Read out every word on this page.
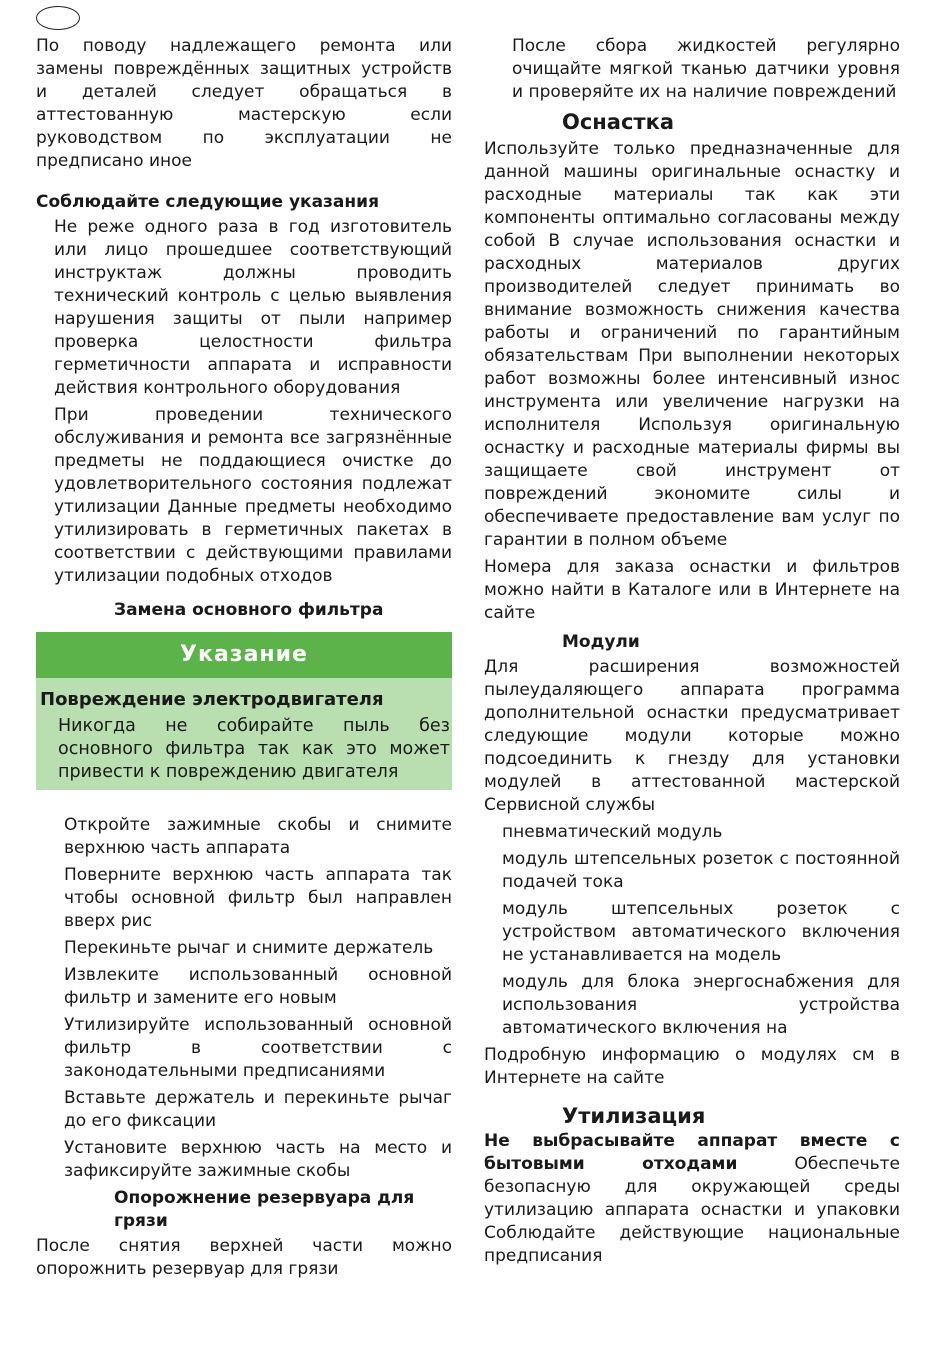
По поводу надлежащего ремонта или замены повреждённых защитных устройств и деталей следует обращаться в аттестованную мастерскую если руководством по эксплуатации не предписано иное

Соблюдайте следующие указания

Не реже одного раза в год изготовитель или лицо прошедшее соответствующий инструктаж должны проводить технический контроль с целью выявления нарушения защиты от пыли например проверка целостности фильтра герметичности аппарата и исправности действия контрольного оборудования

При проведении технического обслуживания и ремонта все загрязнённые предметы не поддающиеся очистке до удовлетворительного состояния подлежат утилизации Данные предметы необходимо утилизировать в герметичных пакетах в соответствии с действующими правилами утилизации подобных отходов

Замена основного фильтра
Указание
Повреждение электродвигателя

Никогда не собирайте пыль без основного фильтра так как это может привести к повреждению двигателя

Откройте зажимные скобы и снимите верхнюю часть аппарата

Поверните верхнюю часть аппарата так чтобы основной фильтр был направлен вверх рис

Перекиньте рычаг и снимите держатель

Извлеките использованный основной фильтр и замените его новым

Утилизируйте использованный основной фильтр в соответствии с законодательными предписаниями

Вставьте держатель и перекиньте рычаг до его фиксации

Установите верхнюю часть на место и зафиксируйте зажимные скобы

Опорожнение резервуара для грязи

После снятия верхней части можно опорожнить резервуар для грязи

После сбора жидкостей регулярно очищайте мягкой тканью датчики уровня и проверяйте их на наличие повреждений

Оснастка

Используйте только предназначенные для данной машины оригинальные оснастку и расходные материалы так как эти компоненты оптимально согласованы между собой В случае использования оснастки и расходных материалов других производителей следует принимать во внимание возможность снижения качества работы и ограничений по гарантийным обязательствам При выполнении некоторых работ возможны более интенсивный износ инструмента или увеличение нагрузки на исполнителя Используя оригинальную оснастку и расходные материалы фирмы вы защищаете свой инструмент от повреждений экономите силы и обеспечиваете предоставление вам услуг по гарантии в полном объеме

Номера для заказа оснастки и фильтров можно найти в Каталоге или в Интернете на сайте

Модули

Для расширения возможностей пылеудаляющего аппарата программа дополнительной оснастки предусматривает следующие модули которые можно подсоединить к гнезду для установки модулей в аттестованной мастерской Сервисной службы

пневматический модуль

модуль штепсельных розеток с постоянной подачей тока

модуль штепсельных розеток с устройством автоматического включения не устанавливается на модель

модуль для блока энергоснабжения для использования устройства автоматического включения на

Подробную информацию о модулях см в Интернете на сайте

Утилизация

Не выбрасывайте аппарат вместе с бытовыми отходами	Обеспечьте безопасную для окружающей среды утилизацию аппарата оснастки и упаковки Соблюдайте действующие национальные предписания
